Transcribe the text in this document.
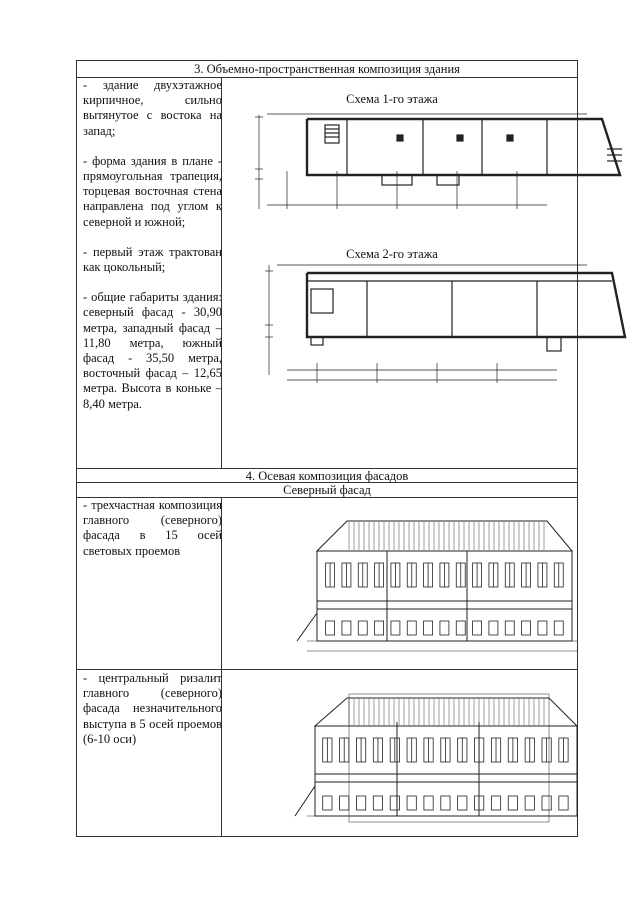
3. Объемно-пространственная композиция здания
4. Осевая композиция фасадов
Северный фасад

- здание двухэтажное кирпичное, сильно вытянутое с востока на запад;

- форма здания в плане - прямоугольная трапеция, торцевая восточная стена направлена под углом к северной и южной;

- первый этаж трактован как цокольный;

- общие габариты здания: северный фасад - 30,90 метра, западный фасад – 11,80 метра, южный фасад - 35,50 метра, восточный фасад – 12,65 метра. Высота в коньке – 8,40 метра.

- трехчастная композиция главного (северного) фасада в 15 осей световых проемов

- центральный ризалит главного (северного) фасада незначительного выступа в 5 осей проемов (6-10 оси)

Схема 1-го этажа
Схема 2-го этажа
